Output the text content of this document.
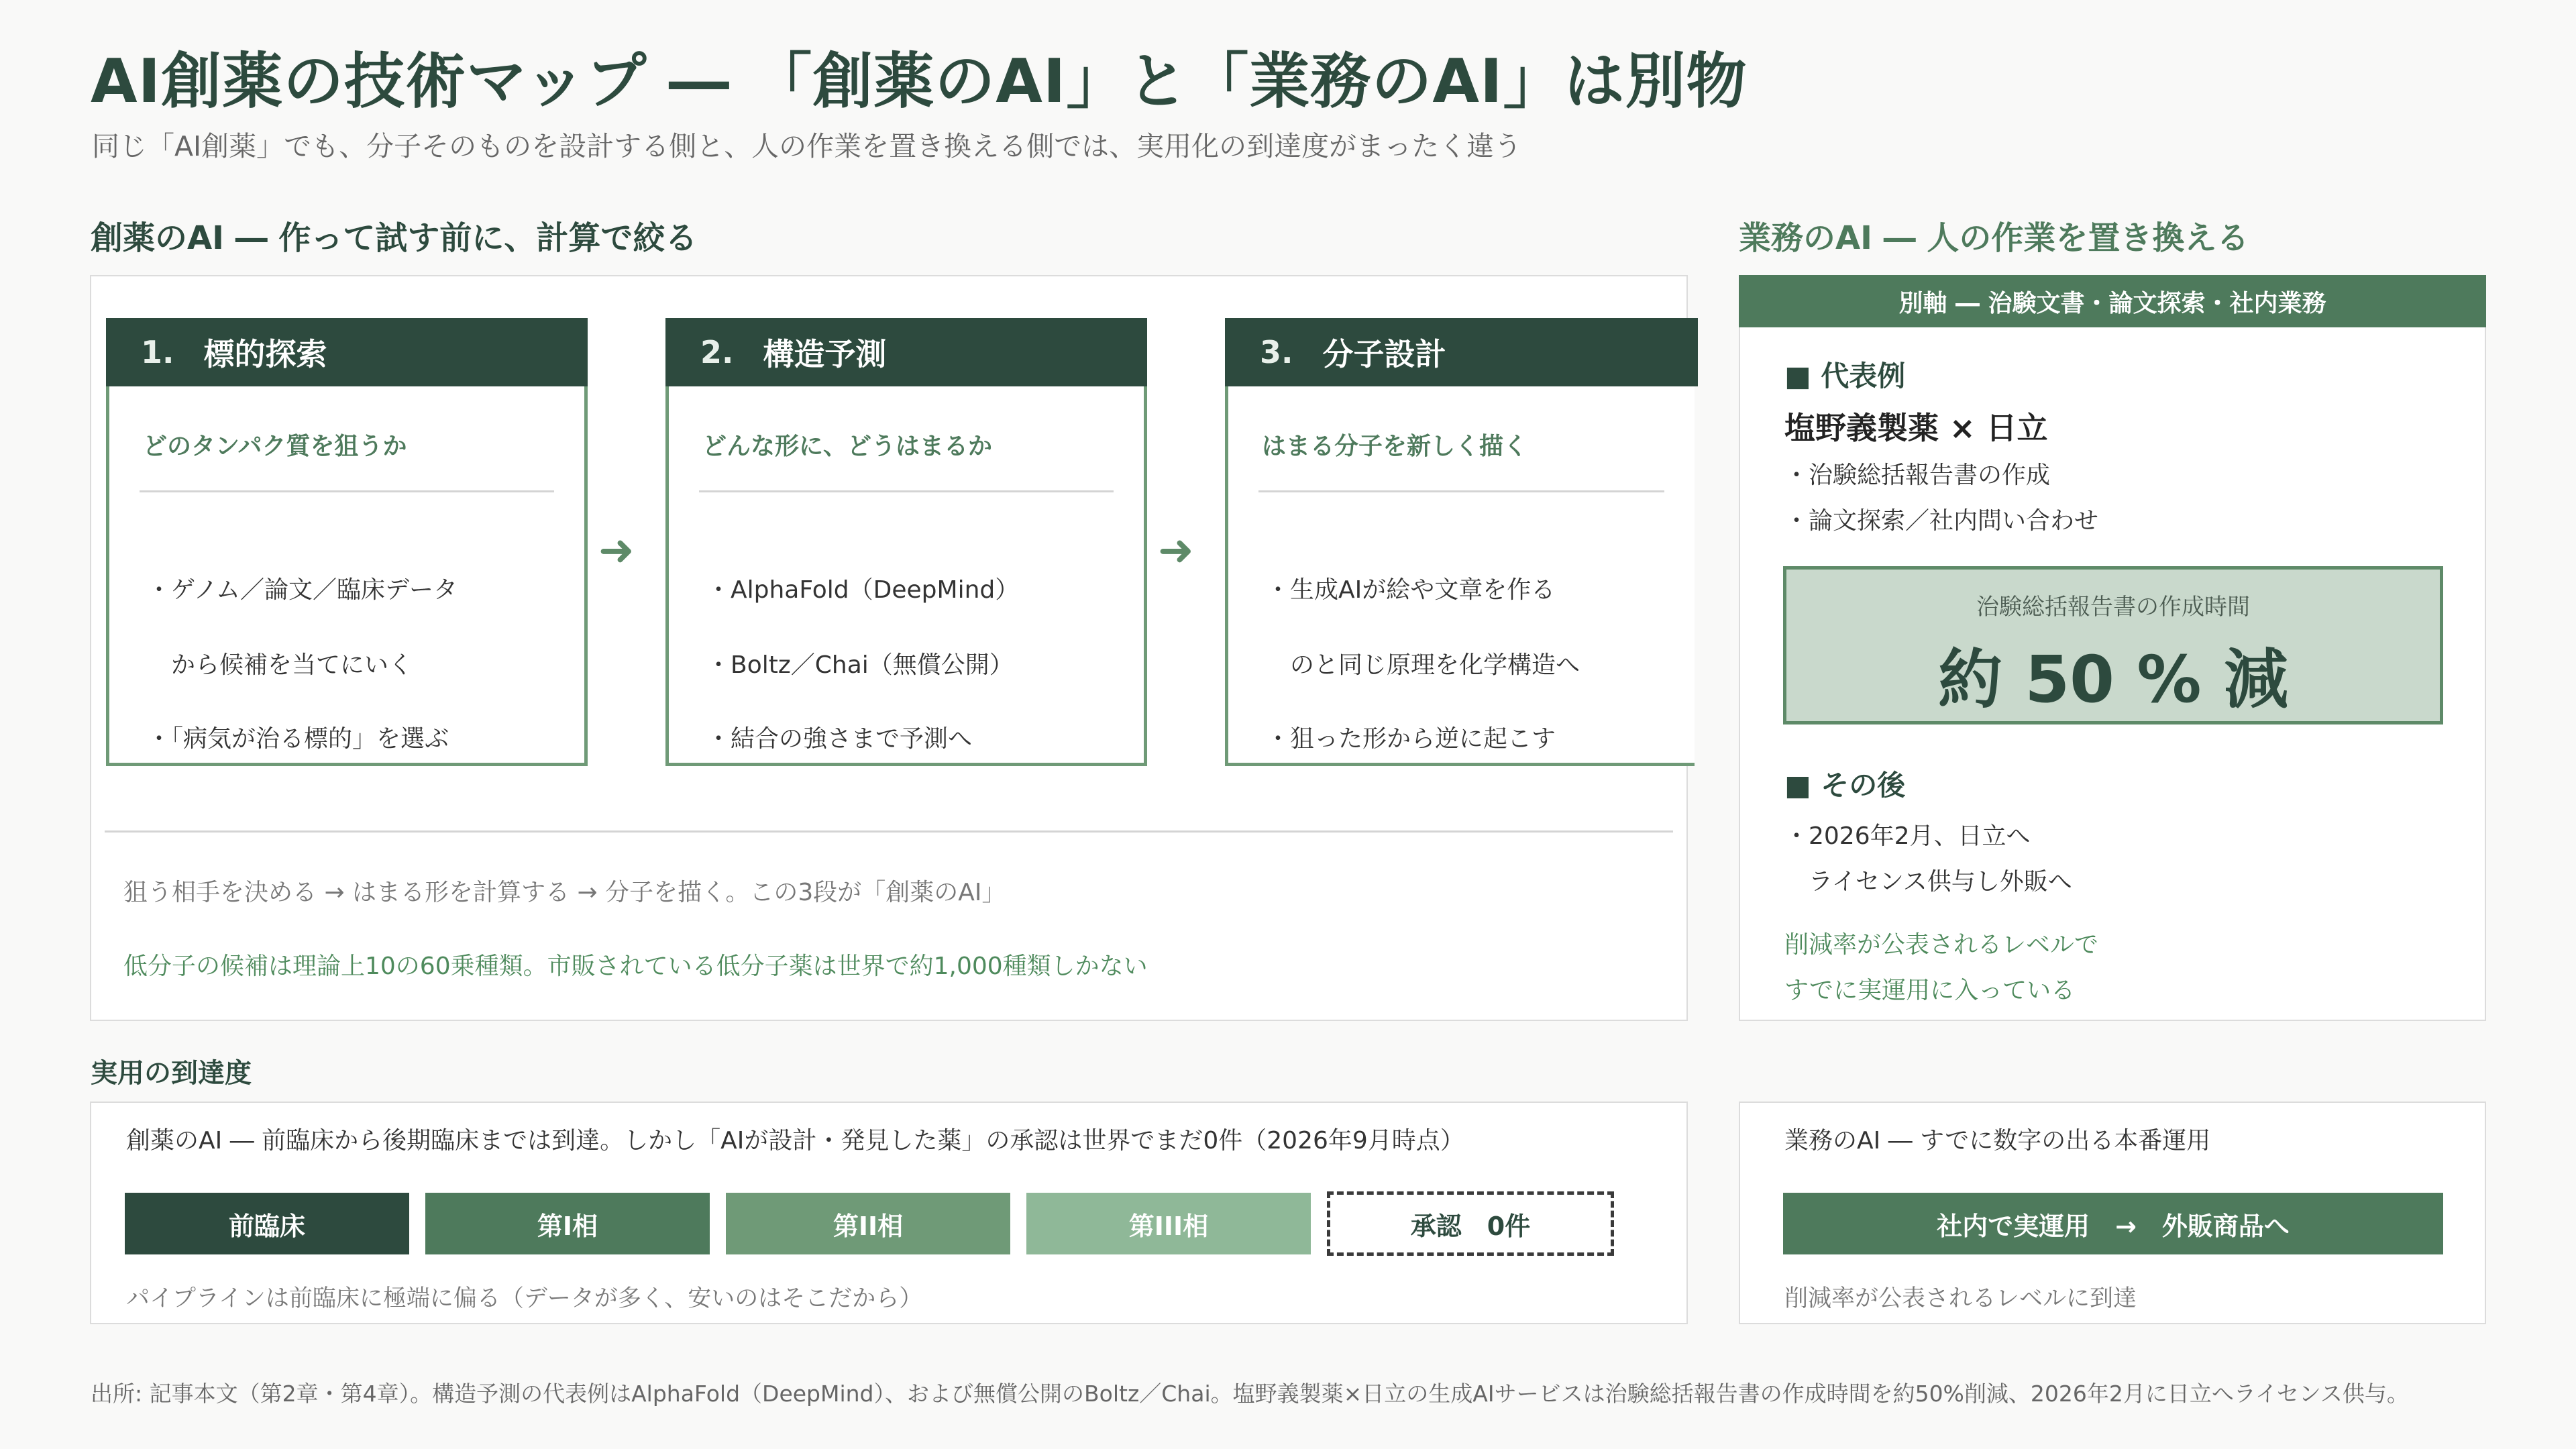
AI創薬の技術マップ ― 「創薬のAI」と「業務のAI」は別物
同じ「AI創薬」でも、分子そのものを設計する側と、人の作業を置き換える側では、実用化の到達度がまったく違う
創薬のAI ― 作って試す前に、計算で絞る
1. 標的探索
どのタンパク質を狙うか
・ゲノム／論文／臨床データ
　から候補を当てにいく
・「病気が治る標的」を選ぶ
➜
2. 構造予測
どんな形に、どうはまるか
・AlphaFold（DeepMind）
・Boltz／Chai（無償公開）
・結合の強さまで予測へ
➜
3. 分子設計
はまる分子を新しく描く
・生成AIが絵や文章を作る
　のと同じ原理を化学構造へ
・狙った形から逆に起こす
狙う相手を決める → はまる形を計算する → 分子を描く。この3段が「創薬のAI」
低分子の候補は理論上10の60乗種類。市販されている低分子薬は世界で約1,000種類しかない
業務のAI ― 人の作業を置き換える
別軸 ― 治験文書・論文探索・社内業務
■ 代表例
塩野義製薬 × 日立
・治験総括報告書の作成
・論文探索／社内問い合わせ
治験総括報告書の作成時間
約 50 % 減
■ その後
・2026年2月、日立へ
　ライセンス供与し外販へ
削減率が公表されるレベルで
すでに実運用に入っている
実用の到達度
創薬のAI ― 前臨床から後期臨床までは到達。しかし「AIが設計・発見した薬」の承認は世界でまだ0件（2026年9月時点）
前臨床	第I相	第II相	第III相	承認　0件
パイプラインは前臨床に極端に偏る（データが多く、安いのはそこだから）
業務のAI ― すでに数字の出る本番運用
社内で実運用　→　外販商品へ
削減率が公表されるレベルに到達
出所: 記事本文（第2章・第4章）。構造予測の代表例はAlphaFold（DeepMind）、および無償公開のBoltz／Chai。塩野義製薬×日立の生成AIサービスは治験総括報告書の作成時間を約50%削減、2026年2月に日立へライセンス供与。
